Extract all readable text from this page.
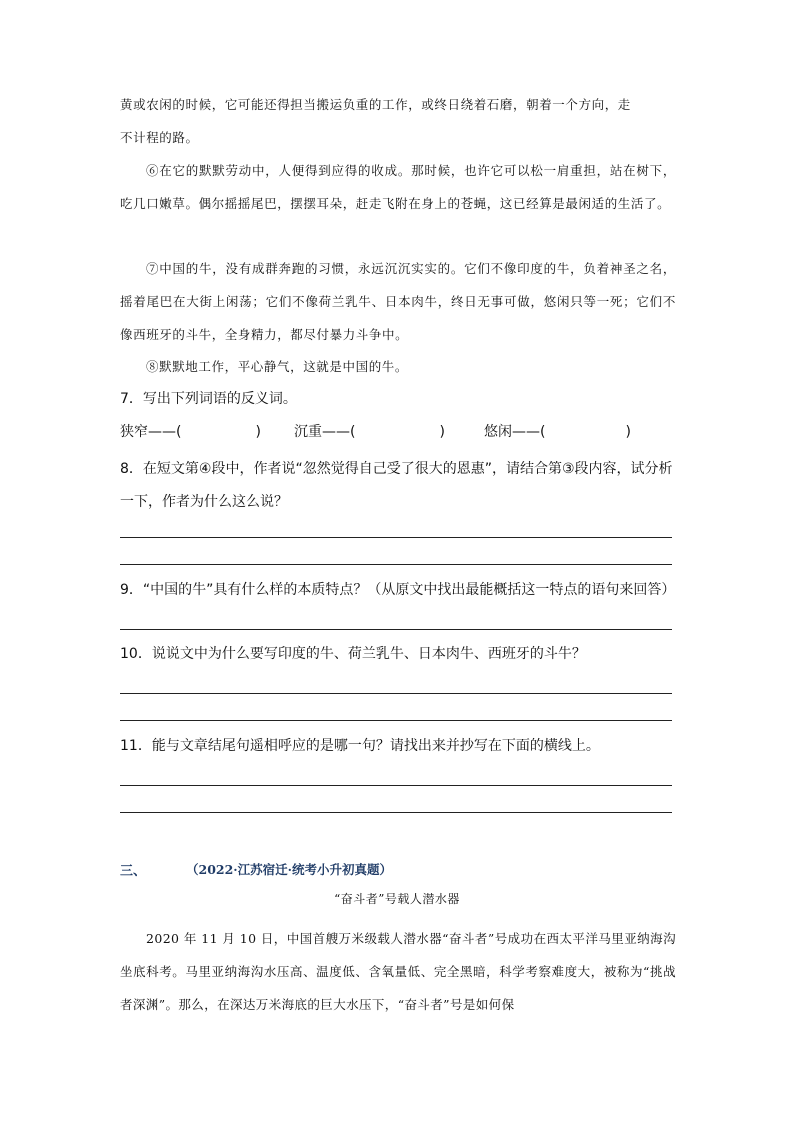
黄或农闲的时候，它可能还得担当搬运负重的工作，或终日绕着石磨，朝着一个方向，走
不计程的路。

⑥在它的默默劳动中，人便得到应得的收成。那时候，也许它可以松一肩重担，站在树下，吃几口嫩草。偶尔摇摇尾巴，摆摆耳朵，赶走飞附在身上的苍蝇，这已经算是最闲适的生活了。

⑦中国的牛，没有成群奔跑的习惯，永远沉沉实实的。它们不像印度的牛，负着神圣之名，摇着尾巴在大街上闲荡；它们不像荷兰乳牛、日本肉牛，终日无事可做，悠闲只等一死；它们不像西班牙的斗牛，全身精力，都尽付暴力斗争中。

⑧默默地工作，平心静气，这就是中国的牛。

7．写出下列词语的反义词。

狭窄——(	) 沉重——(	)	悠闲——(	)

8．在短文第④段中，作者说“忽然觉得自己受了很大的恩惠”，请结合第③段内容，试分析一下，作者为什么这么说？

9．“中国的牛”具有什么样的本质特点？（从原文中找出最能概括这一特点的语句来回答）

10．说说文中为什么要写印度的牛、荷兰乳牛、日本肉牛、西班牙的斗牛？

11．能与文章结尾句遥相呼应的是哪一句？请找出来并抄写在下面的横线上。

三、	（2022·江苏宿迁·统考小升初真题）
“奋斗者”号载人潜水器

2020 年 11 月 10 日，中国首艘万米级载人潜水器“奋斗者”号成功在西太平洋马里亚纳海沟坐底科考。马里亚纳海沟水压高、温度低、含氧量低、完全黑暗，科学考察难度大，被称为“挑战者深渊”。那么，在深达万米海底的巨大水压下，“奋斗者”号是如何保
